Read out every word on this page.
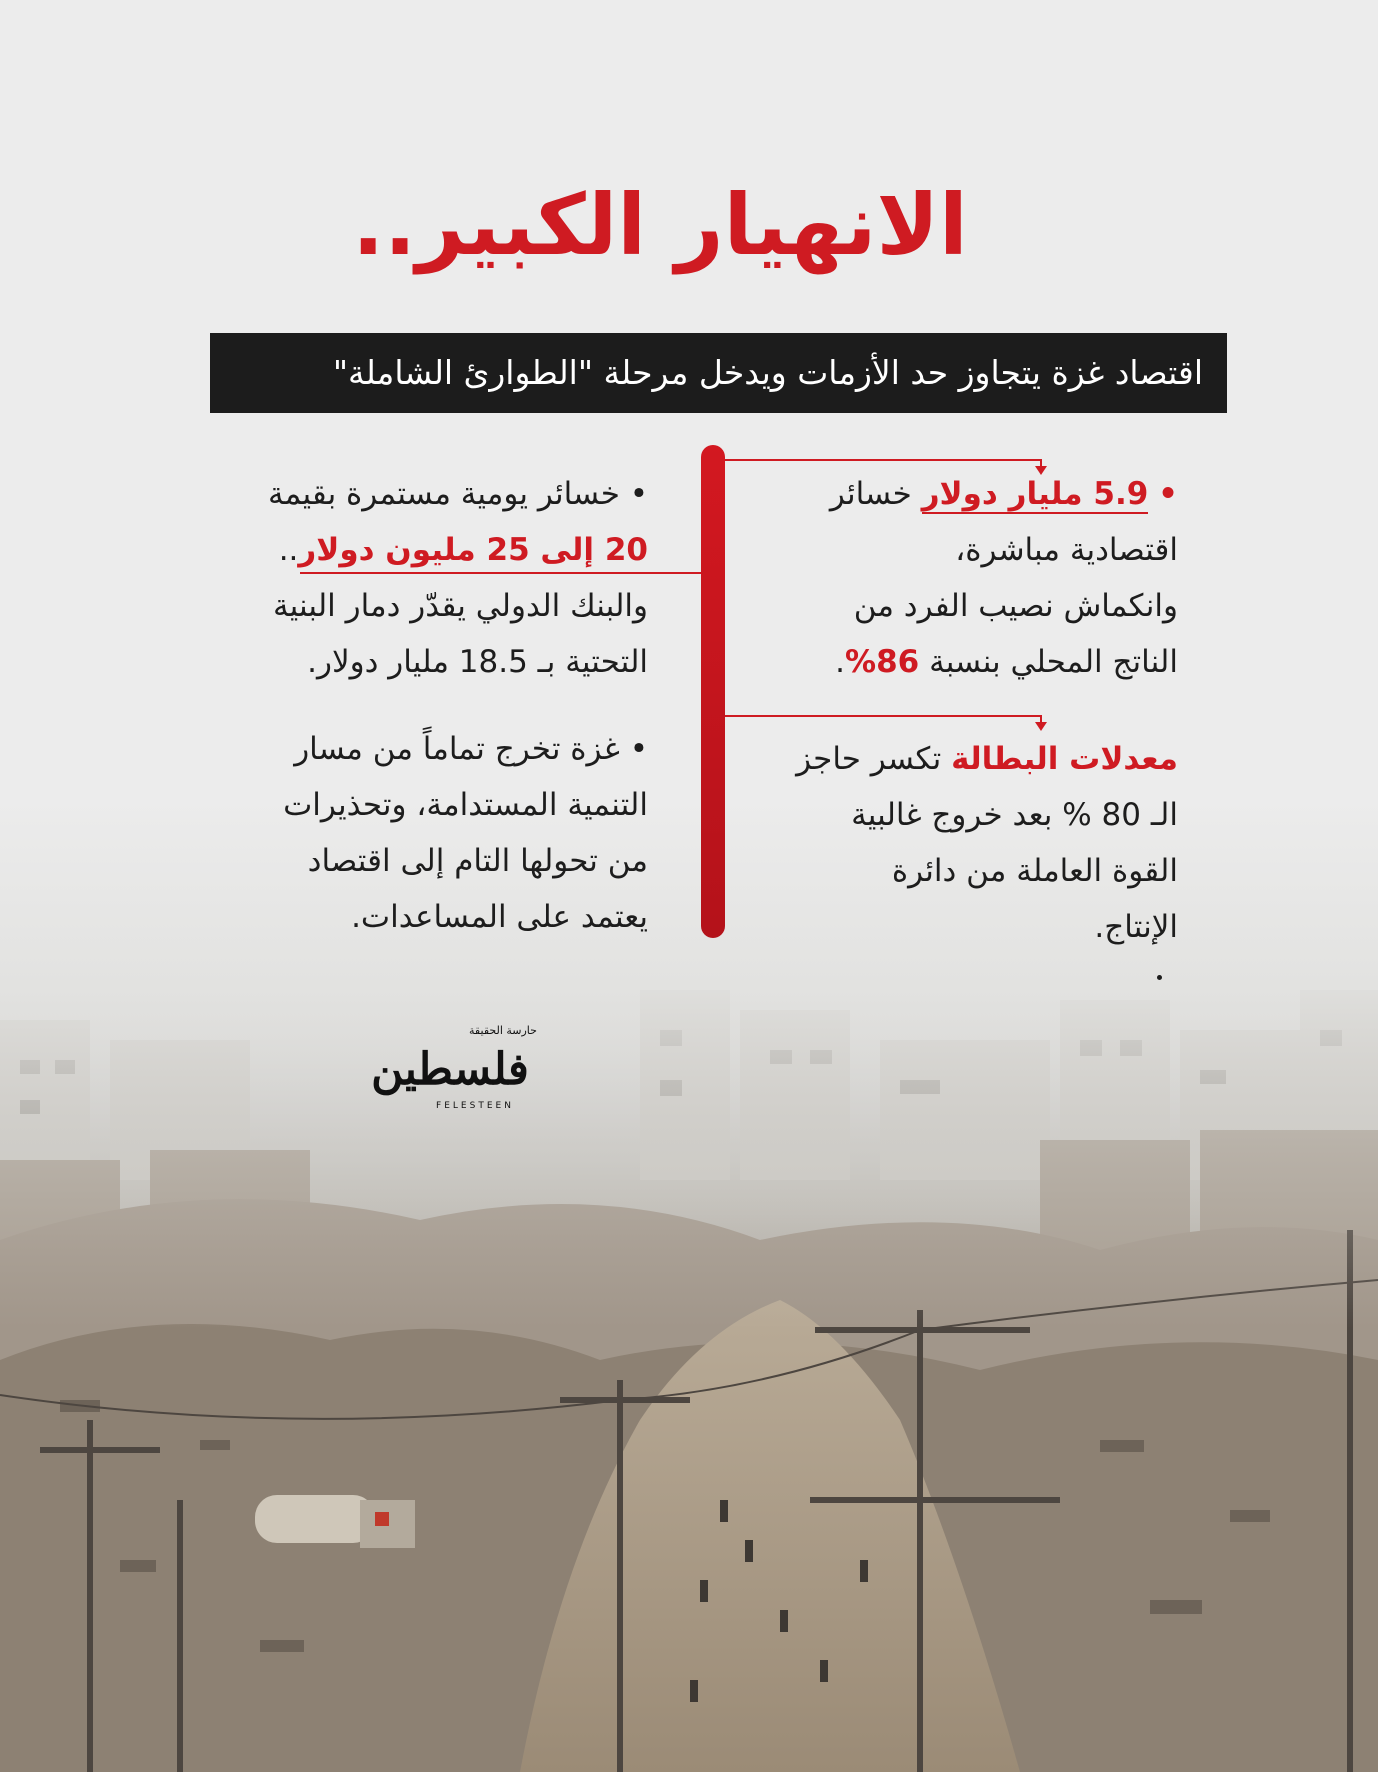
الانهيار الكبير..
اقتصاد غزة يتجاوز حد الأزمات ويدخل مرحلة "الطوارئ الشاملة"
• 5.9 مليار دولار خسائر
اقتصادية مباشرة،
وانكماش نصيب الفرد من
الناتج المحلي بنسبة 86%.
معدلات البطالة تكسر حاجز
الـ 80 % بعد خروج غالبية
القوة العاملة من دائرة
الإنتاج.
• خسائر يومية مستمرة بقيمة
20 إلى 25 مليون دولار..
والبنك الدولي يقدّر دمار البنية
التحتية بـ 18.5 مليار دولار.
• غزة تخرج تماماً من مسار
التنمية المستدامة، وتحذيرات
من تحولها التام إلى اقتصاد
يعتمد على المساعدات.
حارسة الحقيقة
فلسطين
FELESTEEN
